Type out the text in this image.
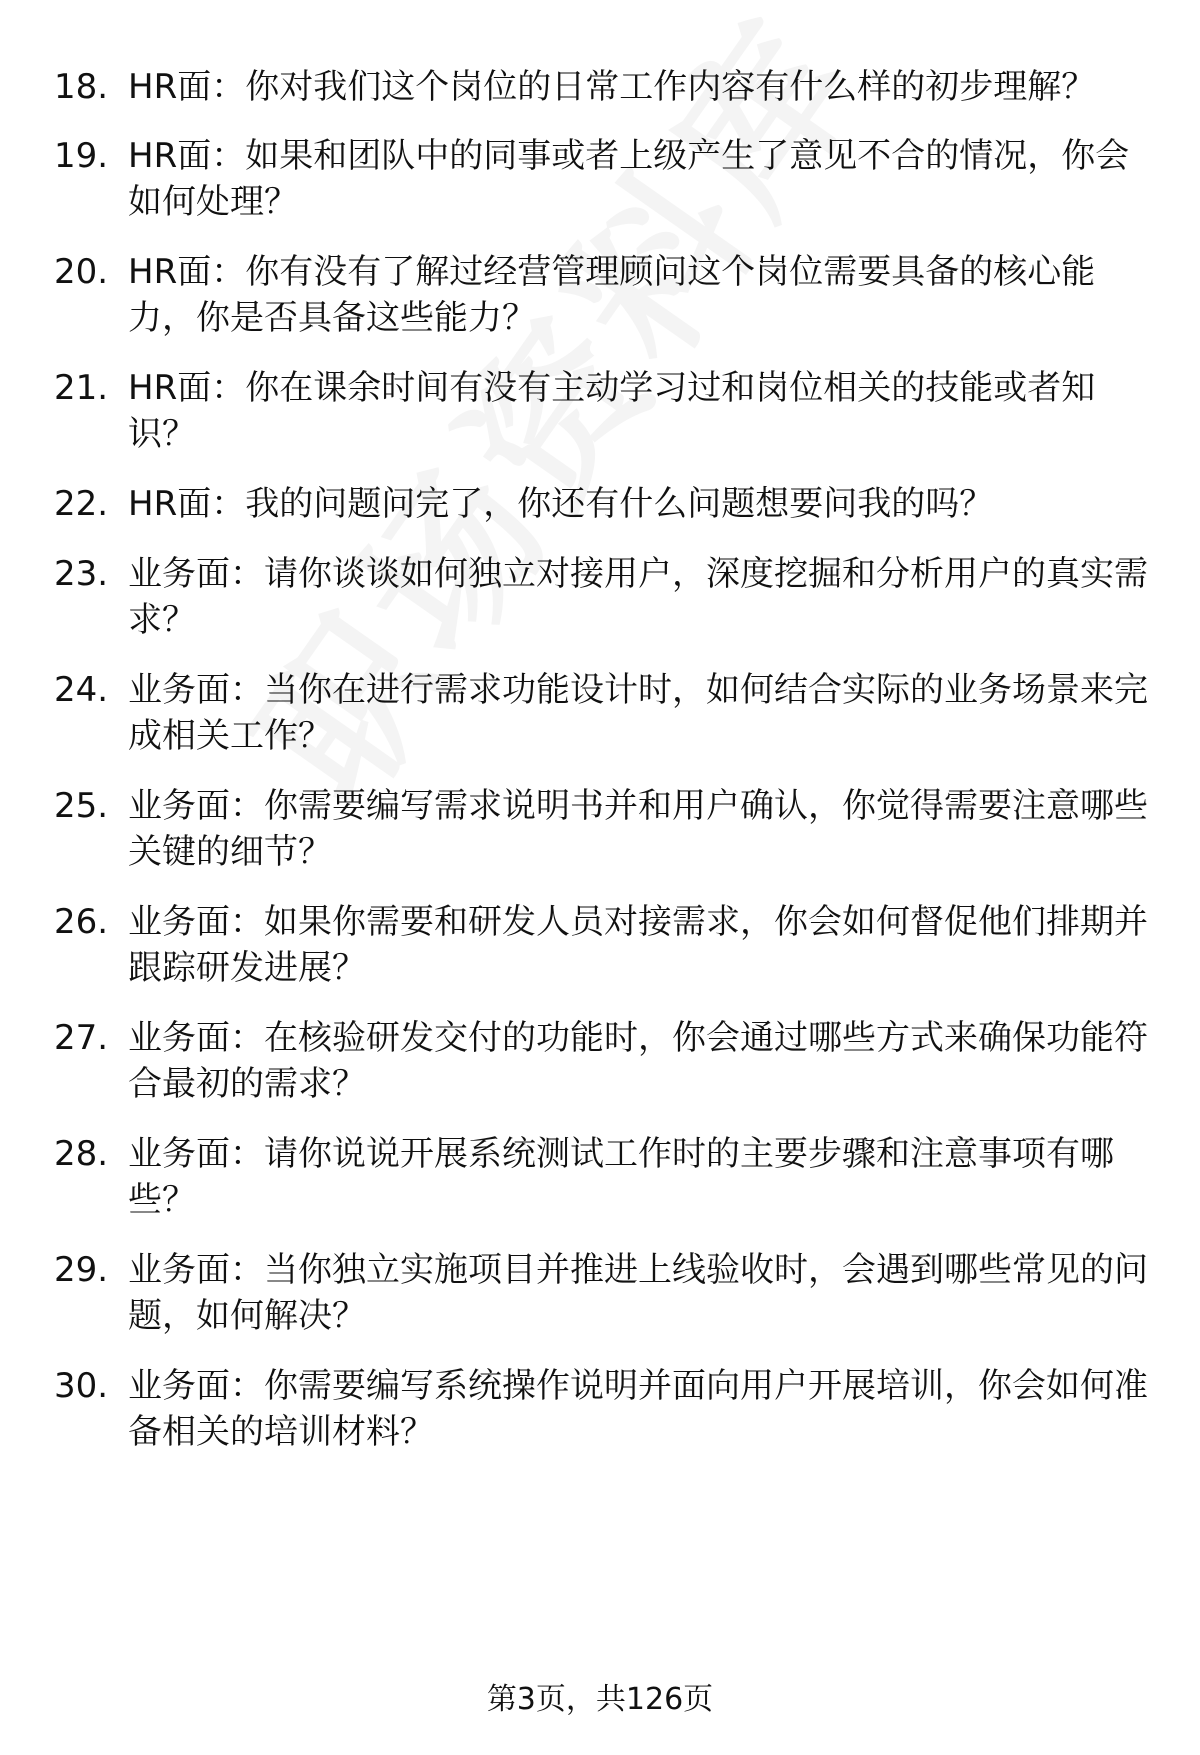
18. HR面：你对我们这个岗位的日常工作内容有什么样的初步理解？
19. HR面：如果和团队中的同事或者上级产生了意见不合的情况，你会如何处理？
20. HR面：你有没有了解过经营管理顾问这个岗位需要具备的核心能力，你是否具备这些能力？
21. HR面：你在课余时间有没有主动学习过和岗位相关的技能或者知识？
22. HR面：我的问题问完了，你还有什么问题想要问我的吗？
23. 业务面：请你谈谈如何独立对接用户，深度挖掘和分析用户的真实需求？
24. 业务面：当你在进行需求功能设计时，如何结合实际的业务场景来完成相关工作？
25. 业务面：你需要编写需求说明书并和用户确认，你觉得需要注意哪些关键的细节？
26. 业务面：如果你需要和研发人员对接需求，你会如何督促他们排期并跟踪研发进展？
27. 业务面：在核验研发交付的功能时，你会通过哪些方式来确保功能符合最初的需求？
28. 业务面：请你说说开展系统测试工作时的主要步骤和注意事项有哪些？
29. 业务面：当你独立实施项目并推进上线验收时，会遇到哪些常见的问题，如何解决？
30. 业务面：你需要编写系统操作说明并面向用户开展培训，你会如何准备相关的培训材料？
第3页，共126页
